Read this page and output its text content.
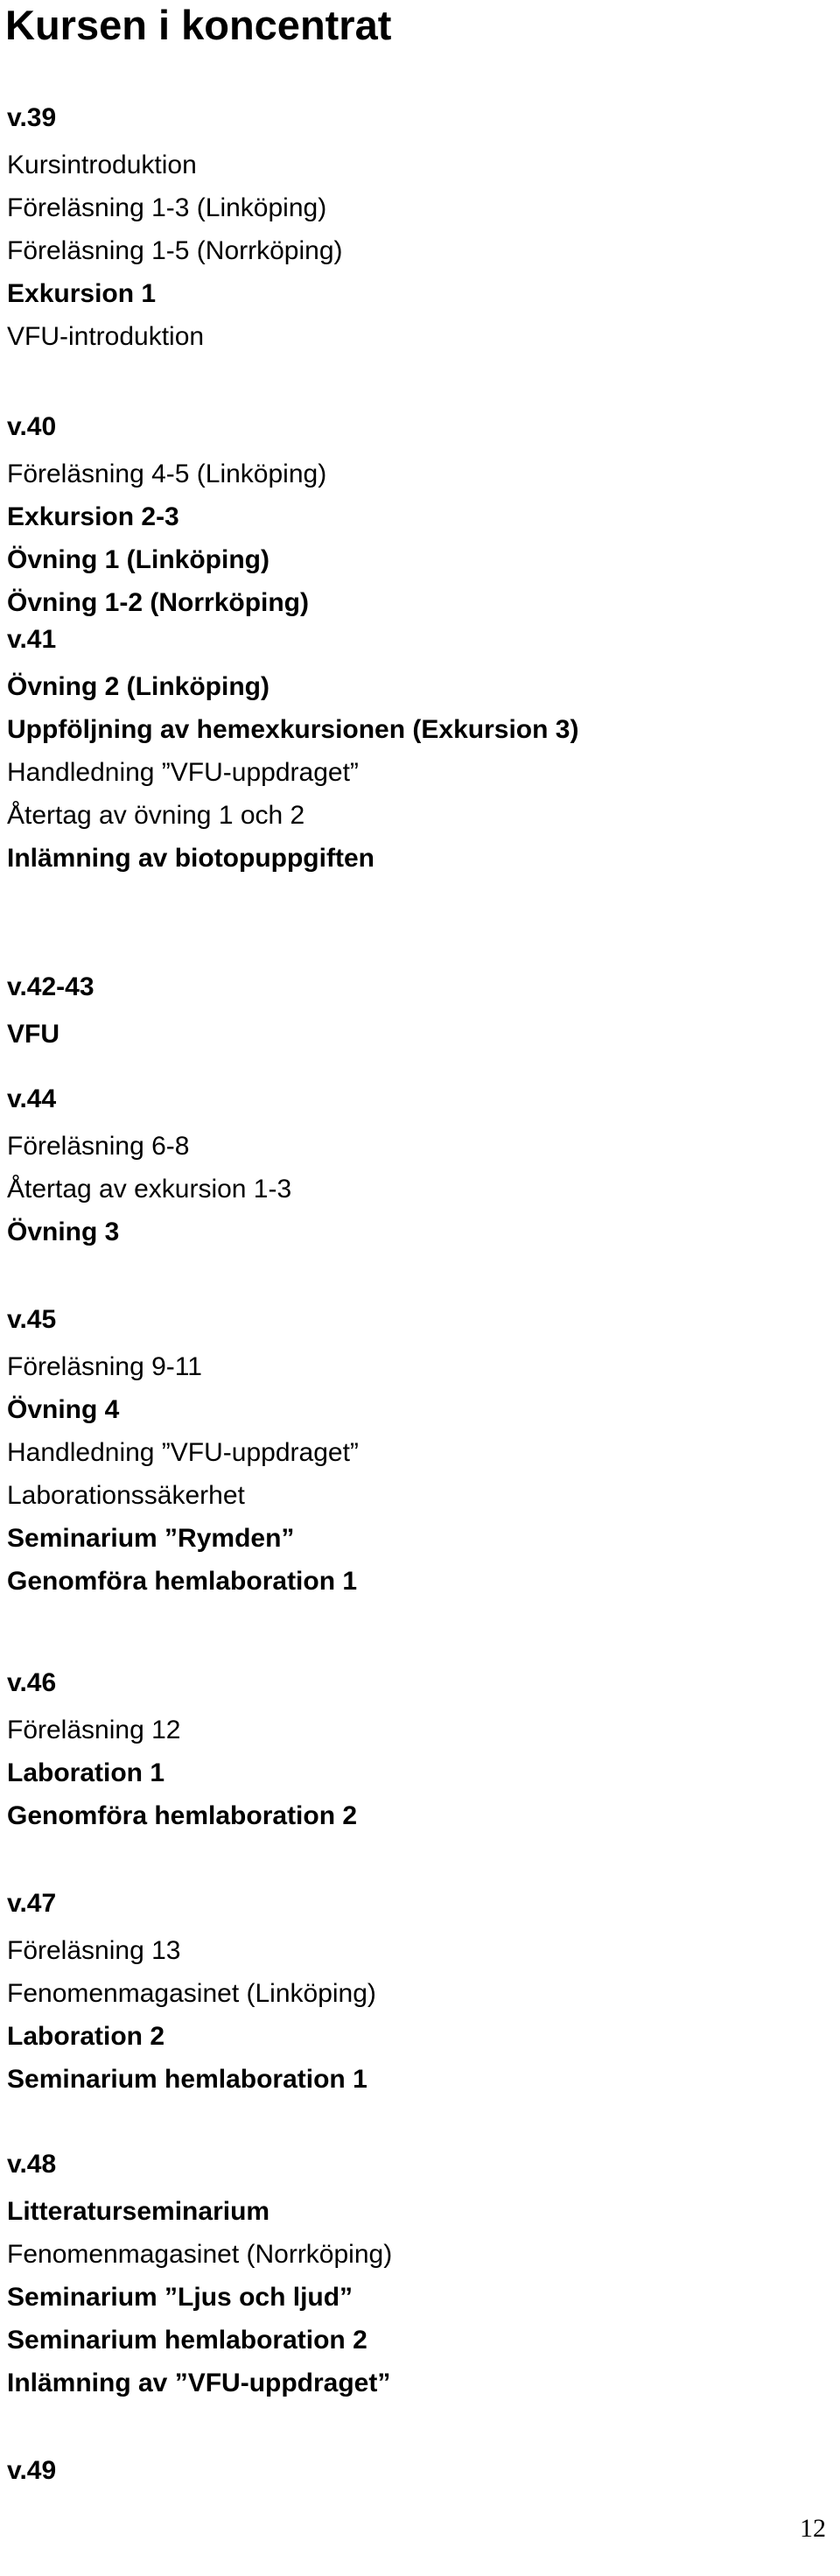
Kursen i koncentrat
v.39
Kursintroduktion
Föreläsning 1-3 (Linköping)
Föreläsning 1-5 (Norrköping)
Exkursion 1
VFU-introduktion
v.40
Föreläsning 4-5 (Linköping)
Exkursion 2-3
Övning 1 (Linköping)
Övning 1-2 (Norrköping)
v.41
Övning 2 (Linköping)
Uppföljning av hemexkursionen (Exkursion 3)
Handledning ”VFU-uppdraget”
Återtag av övning 1 och 2
Inlämning av biotopuppgiften
v.42-43
VFU
v.44
Föreläsning 6-8
Återtag av exkursion 1-3
Övning 3
v.45
Föreläsning 9-11
Övning 4
Handledning ”VFU-uppdraget”
Laborationssäkerhet
Seminarium ”Rymden”
Genomföra hemlaboration 1
v.46
Föreläsning 12
Laboration 1
Genomföra hemlaboration 2
v.47
Föreläsning 13
Fenomenmagasinet (Linköping)
Laboration 2
Seminarium hemlaboration 1
v.48
Litteraturseminarium
Fenomenmagasinet (Norrköping)
Seminarium ”Ljus och ljud”
Seminarium hemlaboration 2
Inlämning av ”VFU-uppdraget”
v.49
12
